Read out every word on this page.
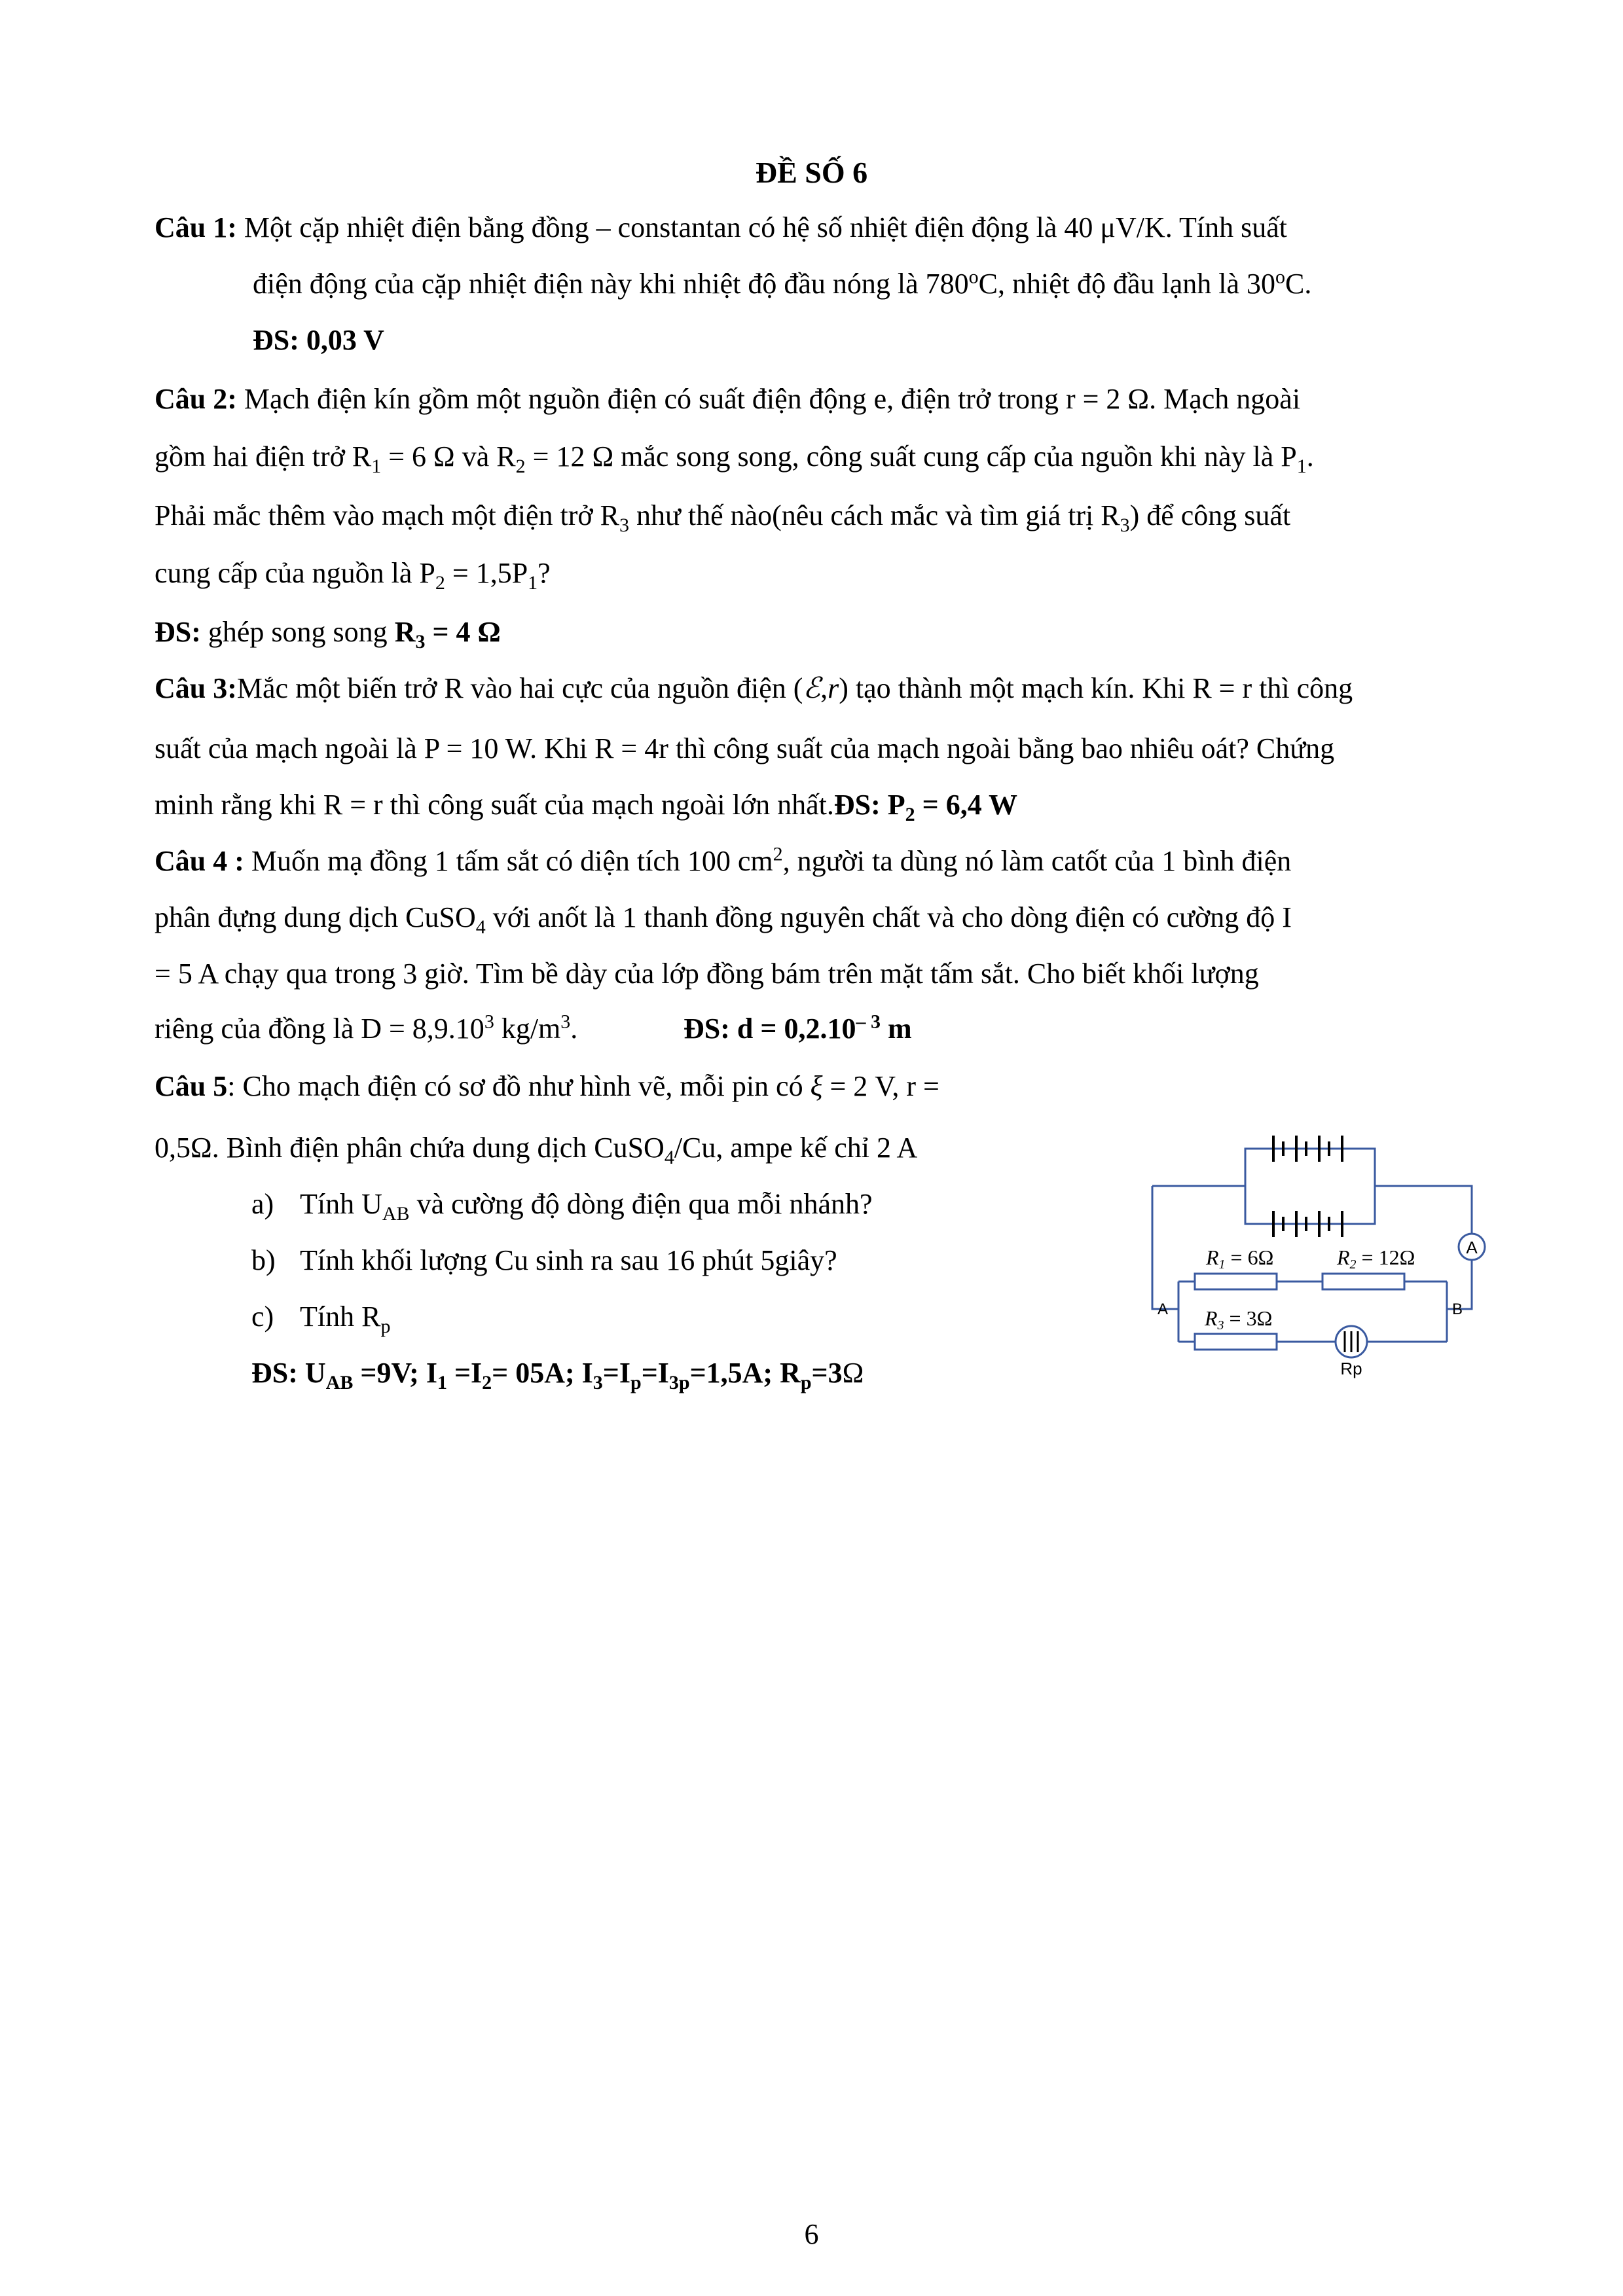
ĐỀ SỐ 6
Câu 1: Một cặp nhiệt điện bằng đồng – constantan có hệ số nhiệt điện động là 40 μV/K. Tính suất
điện động của cặp nhiệt điện này khi nhiệt độ đầu nóng là 780$^o$C, nhiệt độ đầu lạnh là 30$^o$C.
ĐS: 0,03 V
Câu 2: Mạch điện kín gồm một nguồn điện có suất điện động e, điện trở trong r = 2 Ω. Mạch ngoài
gồm hai điện trở $R_1 = 6$ Ω và $R_2 = 12$ Ω mắc song song, công suất cung cấp của nguồn khi này là $P_1$.
Phải mắc thêm vào mạch một điện trở $R_3$ như thế nào(nêu cách mắc và tìm giá trị $R_3$) để công suất
cung cấp của nguồn là $P_2 = 1,5P_1$?
ĐS: ghép song song $R_3 = 4$ Ω
Câu 3:Mắc một biến trở R vào hai cực của nguồn điện (ℰ,r) tạo thành một mạch kín. Khi R = r thì công
suất của mạch ngoài là P = 10 W. Khi R = 4r thì công suất của mạch ngoài bằng bao nhiêu oát? Chứng
minh rằng khi R = r thì công suất của mạch ngoài lớn nhất.ĐS: $P_2 = 6,4$ W
Câu 4 : Muốn mạ đồng 1 tấm sắt có diện tích 100 $cm^2$, người ta dùng nó làm catốt của 1 bình điện
phân đựng dung dịch CuSO$_4$ với anốt là 1 thanh đồng nguyên chất và cho dòng điện có cường độ I
= 5 A chạy qua trong 3 giờ. Tìm bề dày của lớp đồng bám trên mặt tấm sắt. Cho biết khối lượng
riêng của đồng là $D = 8,9.10^3$ $kg/m^3$.	ĐS: $d = 0,2.10^{- 3}$ m
Câu 5: Cho mạch điện có sơ đồ như hình vẽ, mỗi pin có ξ = 2 V, r =
0,5Ω. Bình điện phân chứa dung dịch CuSO$_4$/Cu, ampe kế chỉ 2 A
a) Tính $U_{AB}$ và cường độ dòng điện qua mỗi nhánh?
b) Tính khối lượng Cu sinh ra sau 16 phút 5giây?
c) Tính $R_p$
ĐS: $U_{AB} =9V$; $I_1 =I_2= 05A$; $I_3=I_p=I_{3p}=1,5A$; $R_p=3\Omega$
A
Rp
R1 = 6Ω	R2 = 12Ω
R3 = 3Ω
A	B
6
